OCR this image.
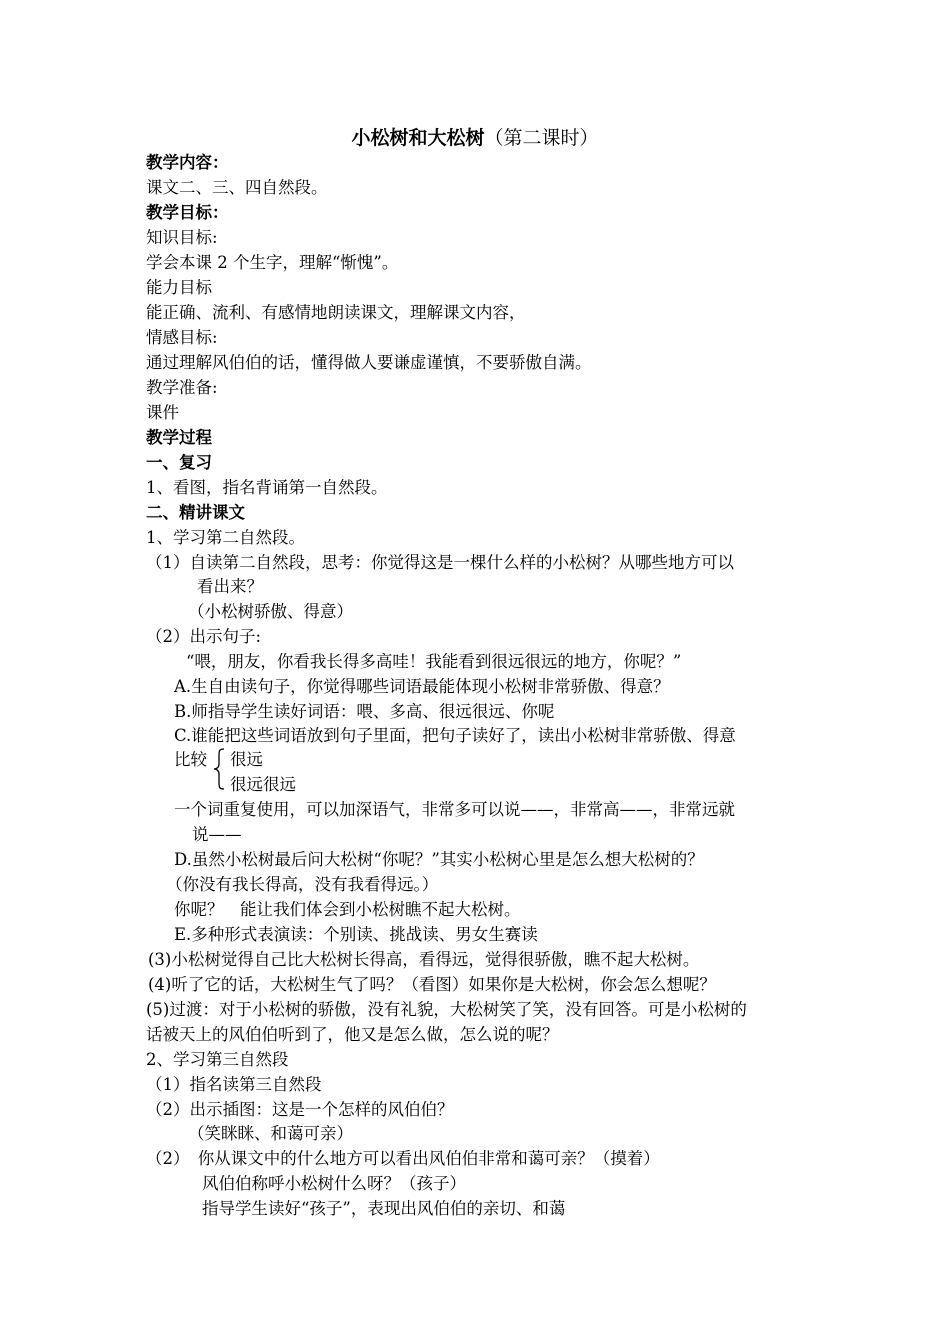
小松树和大松树（第二课时）
教学内容：
课文二、三、四自然段。
教学目标：
知识目标:
学会本课 2 个生字，理解“惭愧”。
能力目标
能正确、流利、有感情地朗读课文，理解课文内容，
情感目标:
通过理解风伯伯的话，懂得做人要谦虚谨慎，不要骄傲自满。
教学准备:
课件
教学过程
一、复习
1、看图，指名背诵第一自然段。
二、精讲课文
1、学习第二自然段。
（1）自读第二自然段，思考：你觉得这是一棵什么样的小松树？从哪些地方可以
看出来？
（小松树骄傲、得意）
（2）出示句子:
“喂，朋友，你看我长得多高哇！我能看到很远很远的地方，你呢？”
A.生自由读句子，你觉得哪些词语最能体现小松树非常骄傲、得意？
B.师指导学生读好词语：喂、多高、很远很远、你呢
C.谁能把这些词语放到句子里面，把句子读好了，读出小松树非常骄傲、得意
比较 很远
很远很远
一个词重复使用，可以加深语气，非常多可以说——，非常高——，非常远就
说——
D.虽然小松树最后问大松树“你呢？”其实小松树心里是怎么想大松树的？
（你没有我长得高，没有我看得远。）
你呢？　能让我们体会到小松树瞧不起大松树。
E.多种形式表演读：个别读、挑战读、男女生赛读
(3)小松树觉得自己比大松树长得高，看得远，觉得很骄傲，瞧不起大松树。
(4)听了它的话，大松树生气了吗？（看图）如果你是大松树，你会怎么想呢？
(5)过渡：对于小松树的骄傲，没有礼貌，大松树笑了笑，没有回答。可是小松树的
话被天上的风伯伯听到了，他又是怎么做，怎么说的呢？
2、学习第三自然段
（1）指名读第三自然段
（2）出示插图：这是一个怎样的风伯伯？
（笑眯眯、和蔼可亲）
（2）　你从课文中的什么地方可以看出风伯伯非常和蔼可亲？（摸着）
风伯伯称呼小松树什么呀？（孩子）
指导学生读好“孩子”，表现出风伯伯的亲切、和蔼
